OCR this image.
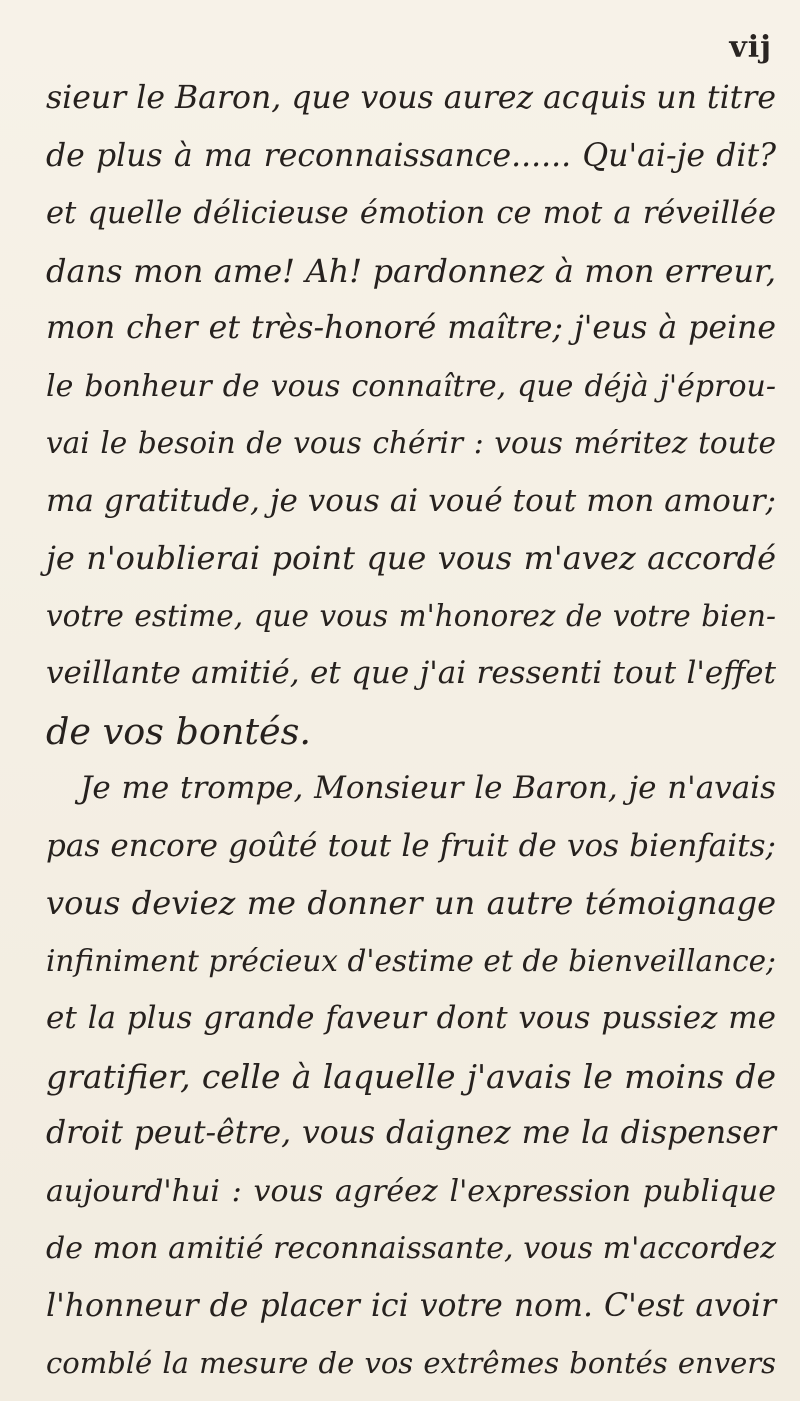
vij
sieur le Baron, que vous aurez acquis un titre
de plus à ma reconnaissance...... Qu'ai-je dit?
et quelle délicieuse émotion ce mot a réveillée
dans mon ame! Ah! pardonnez à mon erreur,
mon cher et très-honoré maître; j'eus à peine
le bonheur de vous connaître, que déjà j'éprou-
vai le besoin de vous chérir : vous méritez toute
ma gratitude, je vous ai voué tout mon amour;
je n'oublierai point que vous m'avez accordé
votre estime, que vous m'honorez de votre bien-
veillante amitié, et que j'ai ressenti tout l'effet
de vos bontés.
Je me trompe, Monsieur le Baron, je n'avais
pas encore goûté tout le fruit de vos bienfaits;
vous deviez me donner un autre témoignage
infiniment précieux d'estime et de bienveillance;
et la plus grande faveur dont vous pussiez me
gratifier, celle à laquelle j'avais le moins de
droit peut-être, vous daignez me la dispenser
aujourd'hui : vous agréez l'expression publique
de mon amitié reconnaissante, vous m'accordez
l'honneur de placer ici votre nom. C'est avoir
comblé la mesure de vos extrêmes bontés envers
